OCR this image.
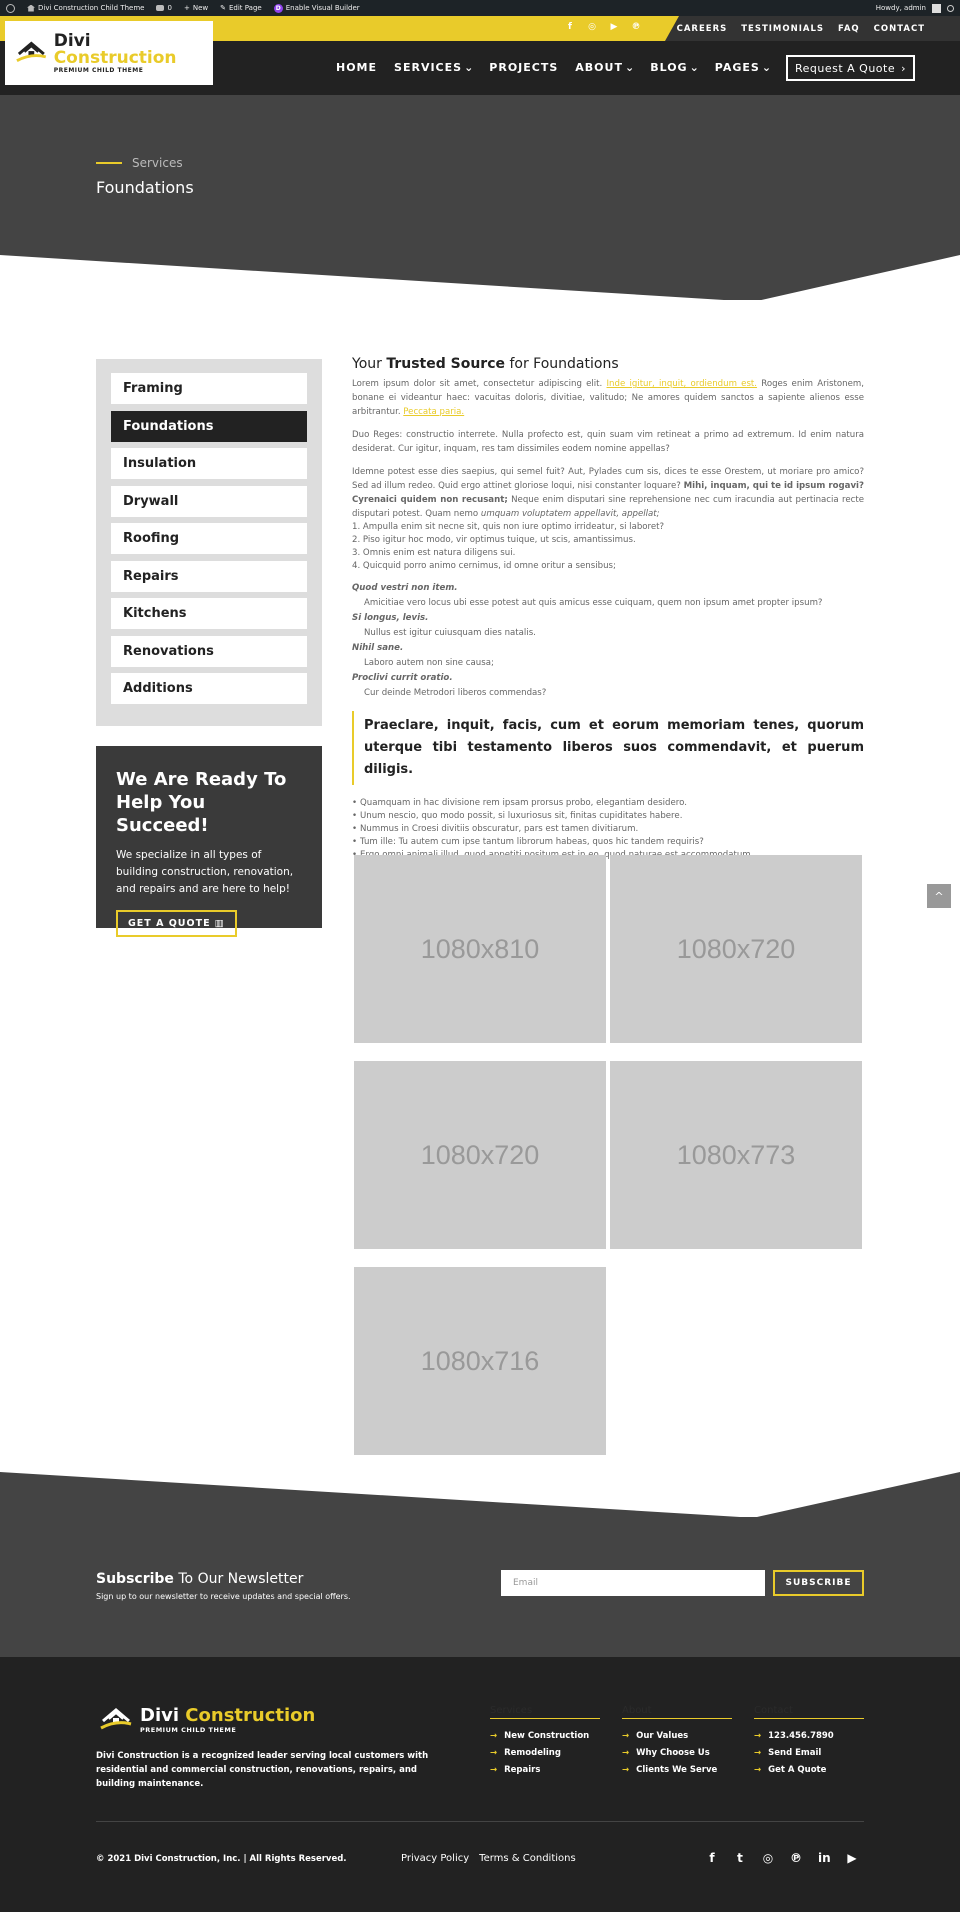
Divi Construction Child Theme	0 + New ✎ Edit Page	D Enable Visual Builder	Howdy, admin
f	◎ ▶ ℗	CAREERS TESTIMONIALS FAQ CONTACT
Divi Construction
PREMIUM CHILD THEME	HOME SERVICES ⌄ PROJECTS ABOUT ⌄ BLOG ⌄ PAGES ⌄ Request A Quote ›
Services
Foundations
Framing
Foundations
Insulation
Drywall
Roofing
Repairs
Kitchens
Renovations
Additions
We Are Ready To Help You Succeed!

We specialize in all types of building construction, renovation, and repairs and are here to help!

GET A QUOTE ▥
Your Trusted Source for Foundations

Lorem ipsum dolor sit amet, consectetur adipiscing elit. Inde igitur, inquit, ordiendum est. Roges enim Aristonem, bonane ei videantur haec: vacuitas doloris, divitiae, valitudo; Ne amores quidem sanctos a sapiente alienos esse arbitrantur. Peccata paria.

Duo Reges: constructio interrete. Nulla profecto est, quin suam vim retineat a primo ad extremum. Id enim natura desiderat. Cur igitur, inquam, res tam dissimiles eodem nomine appellas?

Idemne potest esse dies saepius, qui semel fuit? Aut, Pylades cum sis, dices te esse Orestem, ut moriare pro amico? Sed ad illum redeo. Quid ergo attinet gloriose loqui, nisi constanter loquare? Mihi, inquam, qui te id ipsum rogavi? Cyrenaici quidem non recusant; Neque enim disputari sine reprehensione nec cum iracundia aut pertinacia recte disputari potest. Quam nemo umquam voluptatem appellavit, appellat;

1. Ampulla enim sit necne sit, quis non iure optimo irrideatur, si laboret?
2. Piso igitur hoc modo, vir optimus tuique, ut scis, amantissimus.
3. Omnis enim est natura diligens sui.
4. Quicquid porro animo cernimus, id omne oritur a sensibus;
Quod vestri non item.
Amicitiae vero locus ubi esse potest aut quis amicus esse cuiquam, quem non ipsum amet propter ipsum?
Si longus, levis.
Nullus est igitur cuiusquam dies natalis.
Nihil sane.
Laboro autem non sine causa;
Proclivi currit oratio.
Cur deinde Metrodori liberos commendas?
Praeclare, inquit, facis, cum et eorum memoriam tenes, quorum uterque tibi testamento liberos suos commendavit, et puerum diligis.
• Quamquam in hac divisione rem ipsam prorsus probo, elegantiam desidero.
• Unum nescio, quo modo possit, si luxuriosus sit, finitas cupiditates habere.
• Nummus in Croesi divitiis obscuratur, pars est tamen divitiarum.
• Tum ille: Tu autem cum ipse tantum librorum habeas, quos hic tandem requiris?
•
1080x810	1080x720
1080x720	1080x773
1080x716
^
Subscribe To Our Newsletter
Sign up to our newsletter to receive updates and special offers.
Email	SUBSCRIBE
Divi Construction
PREMIUM CHILD THEME
Divi Construction is a recognized leader serving local customers with residential and commercial construction, renovations, repairs, and building maintenance.
Services
→ New Construction
→ Remodeling
→ Repairs
About
→ Our Values
→ Why Choose Us
→ Clients We Serve
Contact
→ 123.456.7890
→ Send Email
→ Get A Quote
© 2021 Divi Construction, Inc. | All Rights Reserved.	Privacy Policy Terms & Conditions	f t ◎ ℗ in ▶
